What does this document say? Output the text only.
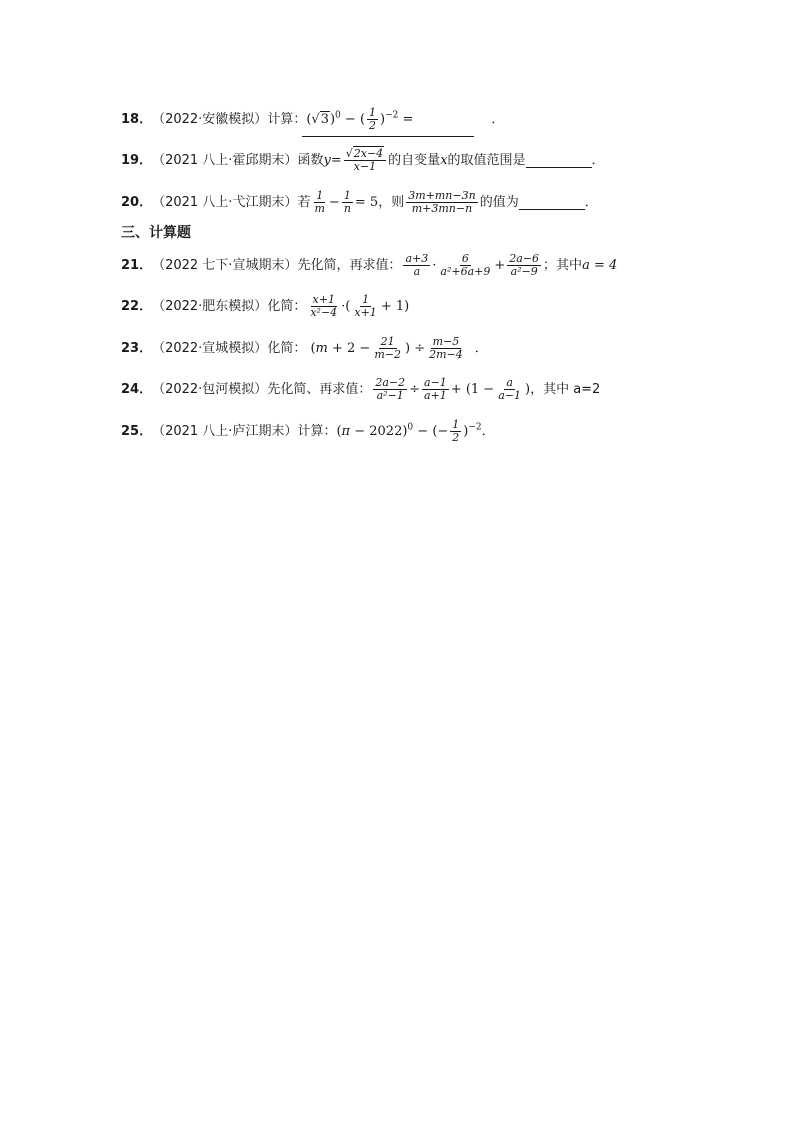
18． （2022·安徽模拟） 计算： $(√3)^0$ − ( $\frac{1}{2} )^{-2}$ =	．
19． （2021 八上·霍邱期末） 函数 $y = \frac{√2x-4}{x-1}$ 的自变量 x 的取值范围是	．
20． （2021 八上·弋江期末） 若 $\frac{1}{m} - \frac{1}{n} = 5$ ，则 $\frac{3m+mn-3n}{m+3mn-n}$ 的值为	．
三、计算题
21． （2022 七下·宣城期末） 先化简，再求值： $\frac{a+3}{a} \cdot \frac{6}{\text{a²+6a+9}} + \frac{2a-6}{\text{a²−9}}$ ；其中 a = 4
22． （2022·肥东模拟） 化简： $\frac{x+1}{\text{x²−4}}$ ·( $\frac{1}{x+1} + 1$)
23． （2022·宣城模拟） 化简： ($m + 2 - \frac{21}{m-2}$ ) ÷ $\frac{m-5}{2m-4}$ ．
24． （2022·包河模拟） 先化简、再求值： $\frac{2a-2}{\text{a²−1}} \div \frac{a-1}{a+1} + (1 - \frac{a}{a-1}$ ) ，其中 a=2
25． （2021 八上·庐江期末） 计算： $(\pi - 2022)^0$ − (− $\frac{1}{2} )^{-2}$ ．
